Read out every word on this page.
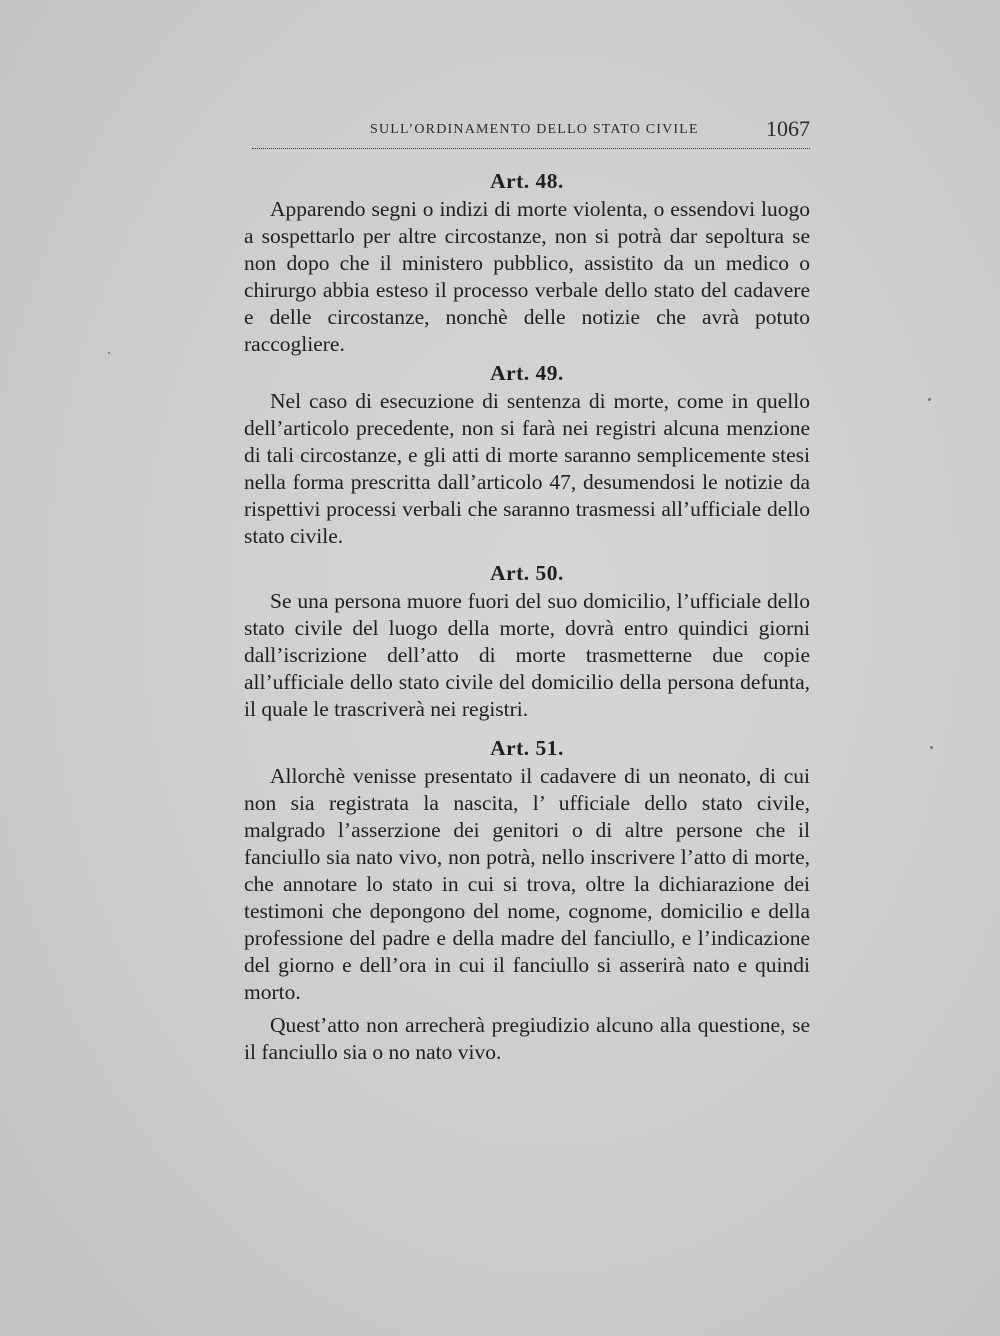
SULL’ORDINAMENTO DELLO STATO CIVILE	1067
Art. 48.

Apparendo segni o indizi di morte violenta, o essendovi luogo a sospettarlo per altre circostanze, non si potrà dar sepoltura se non dopo che il ministero pubblico, assistito da un medico o chirurgo abbia esteso il processo verbale dello stato del cadavere e delle circostanze, nonchè delle notizie che avrà potuto raccogliere.

Art. 49.

Nel caso di esecuzione di sentenza di morte, come in quello dell’articolo precedente, non si farà nei registri alcuna menzione di tali circostanze, e gli atti di morte saranno semplicemente stesi nella forma prescritta dall’articolo 47, desumendosi le notizie da rispettivi processi verbali che saranno trasmessi all’ufficiale dello stato civile.

Art. 50.

Se una persona muore fuori del suo domicilio, l’ufficiale dello stato civile del luogo della morte, dovrà entro quindici giorni dall’iscrizione dell’atto di morte trasmetterne due copie all’ufficiale dello stato civile del domicilio della persona defunta, il quale le trascriverà nei registri.

Art. 51.

Allorchè venisse presentato il cadavere di un neonato, di cui non sia registrata la nascita, l’ ufficiale dello stato civile, malgrado l’asserzione dei genitori o di altre persone che il fanciullo sia nato vivo, non potrà, nello inscrivere l’atto di morte, che annotare lo stato in cui si trova, oltre la dichiarazione dei testimoni che depongono del nome, cognome, domicilio e della professione del padre e della madre del fanciullo, e l’indicazione del giorno e dell’ora in cui il fanciullo si asserirà nato e quindi morto.

Quest’atto non arrecherà pregiudizio alcuno alla questione, se il fanciullo sia o no nato vivo.
